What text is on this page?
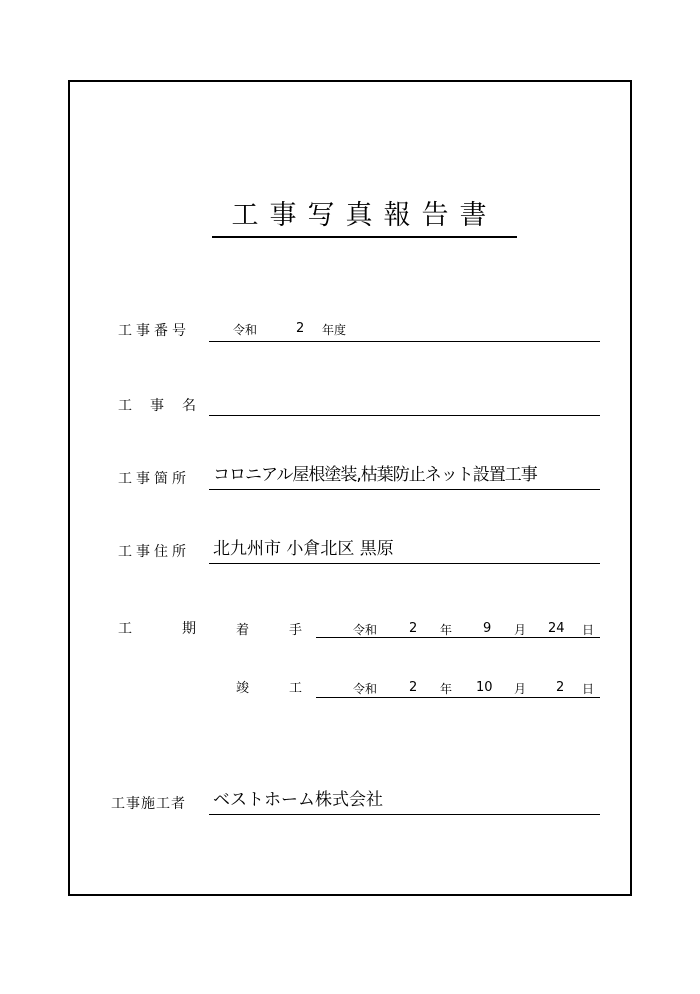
工事写真報告書
工事番号	令和	2 年度
工事名
工事箇所 コロニアル屋根塗装,枯葉防止ネット設置工事
工事住所 北九州市 小倉北区 黒原
工期
着手 令和 2 年 9 月 24 日
竣工 令和 2 年 10 月 2 日
工事施工者 ベストホーム株式会社
